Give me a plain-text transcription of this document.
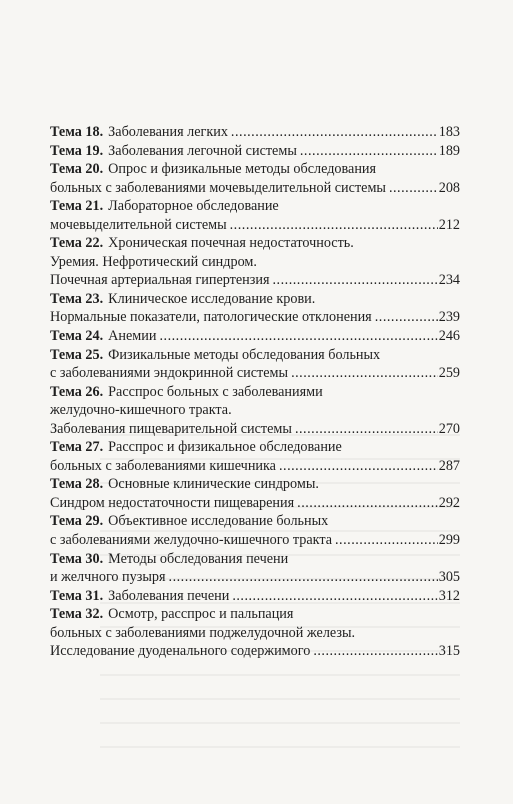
Тема 18. Заболевания легких .....	183
Тема 19. Заболевания легочной системы .....	189
Тема 20. Опрос и физикальные методы обследования
больных с заболеваниями мочевыделительной системы .....	208
Тема 21. Лабораторное обследование
мочевыделительной системы .....	212
Тема 22. Хроническая почечная недостаточность.
Уремия. Нефротический синдром.
Почечная артериальная гипертензия .....	234
Тема 23. Клиническое исследование крови.
Нормальные показатели, патологические отклонения .....	239
Тема 24. Анемии .....	246
Тема 25. Физикальные методы обследования больных
с заболеваниями эндокринной системы .....	259
Тема 26. Расспрос больных с заболеваниями
желудочно-кишечного тракта.
Заболевания пищеварительной системы .....	270
Тема 27. Расспрос и физикальное обследование
больных с заболеваниями кишечника .....	287
Тема 28. Основные клинические синдромы.
Синдром недостаточности пищеварения .....	292
Тема 29. Объективное исследование больных
с заболеваниями желудочно-кишечного тракта .....	299
Тема 30. Методы обследования печени
и желчного пузыря .....	305
Тема 31. Заболевания печени .....	312
Тема 32. Осмотр, расспрос и пальпация
больных с заболеваниями поджелудочной железы.
Исследование дуоденального содержимого .....	315
